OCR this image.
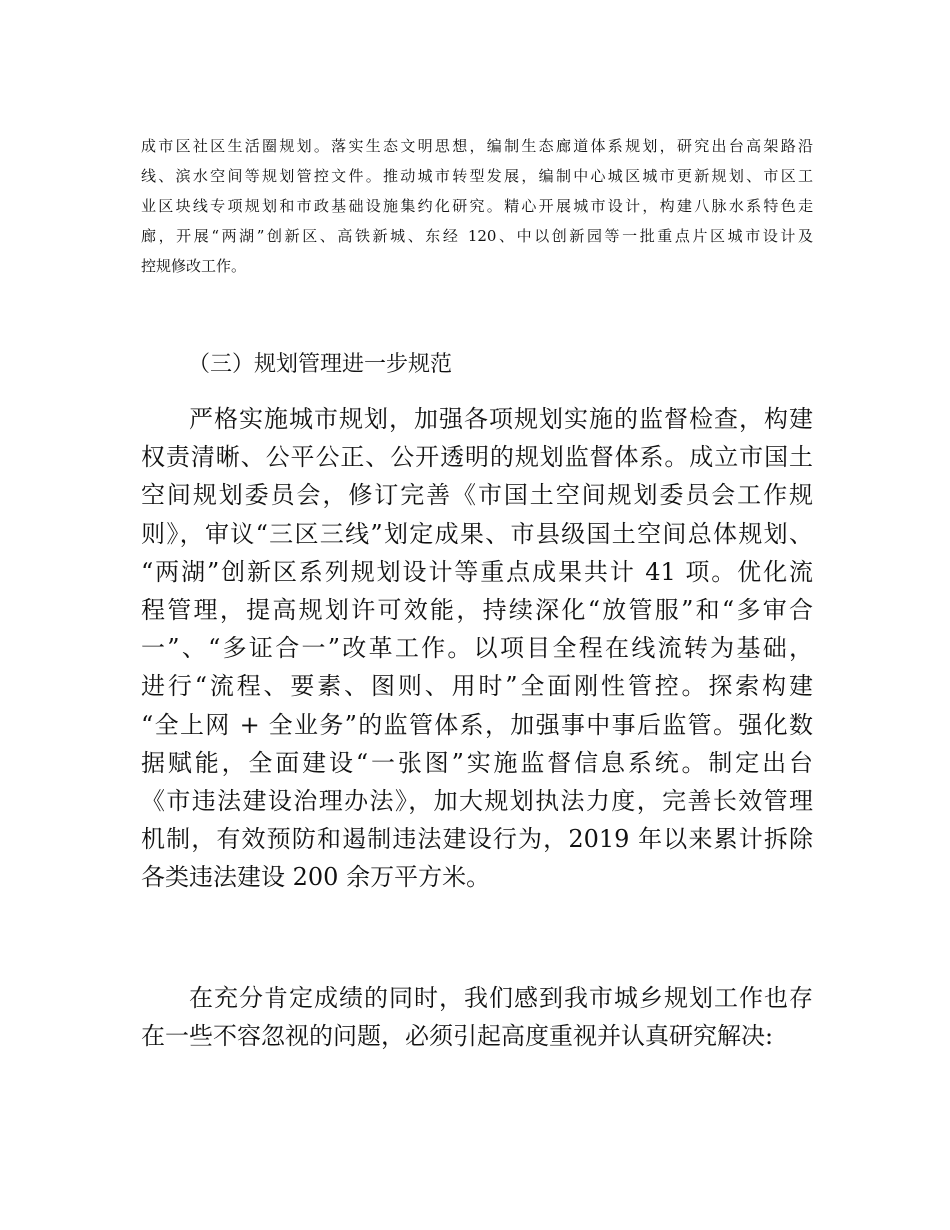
成市区社区生活圈规划。落实生态文明思想，编制生态廊道体系规划，研究出台高架路沿
线、滨水空间等规划管控文件。推动城市转型发展，编制中心城区城市更新规划、市区工
业区块线专项规划和市政基础设施集约化研究。精心开展城市设计，构建八脉水系特色走
廊，开展“两湖”创新区、高铁新城、东经 120、中以创新园等一批重点片区城市设计及
控规修改工作。
（三）规划管理进一步规范
严格实施城市规划，加强各项规划实施的监督检查，构建
权责清晰、公平公正、公开透明的规划监督体系。成立市国土
空间规划委员会，修订完善《市国土空间规划委员会工作规
则》，审议“三区三线”划定成果、市县级国土空间总体规划、
“两湖”创新区系列规划设计等重点成果共计 41 项。优化流
程管理，提高规划许可效能，持续深化“放管服”和“多审合
一”、“多证合一”改革工作。以项目全程在线流转为基础，
进行“流程、要素、图则、用时”全面刚性管控。探索构建
“全上网 + 全业务”的监管体系，加强事中事后监管。强化数
据赋能，全面建设“一张图”实施监督信息系统。制定出台
《市违法建设治理办法》，加大规划执法力度，完善长效管理
机制，有效预防和遏制违法建设行为，2019 年以来累计拆除
各类违法建设 200 余万平方米。
在充分肯定成绩的同时，我们感到我市城乡规划工作也存
在一些不容忽视的问题，必须引起高度重视并认真研究解决:
